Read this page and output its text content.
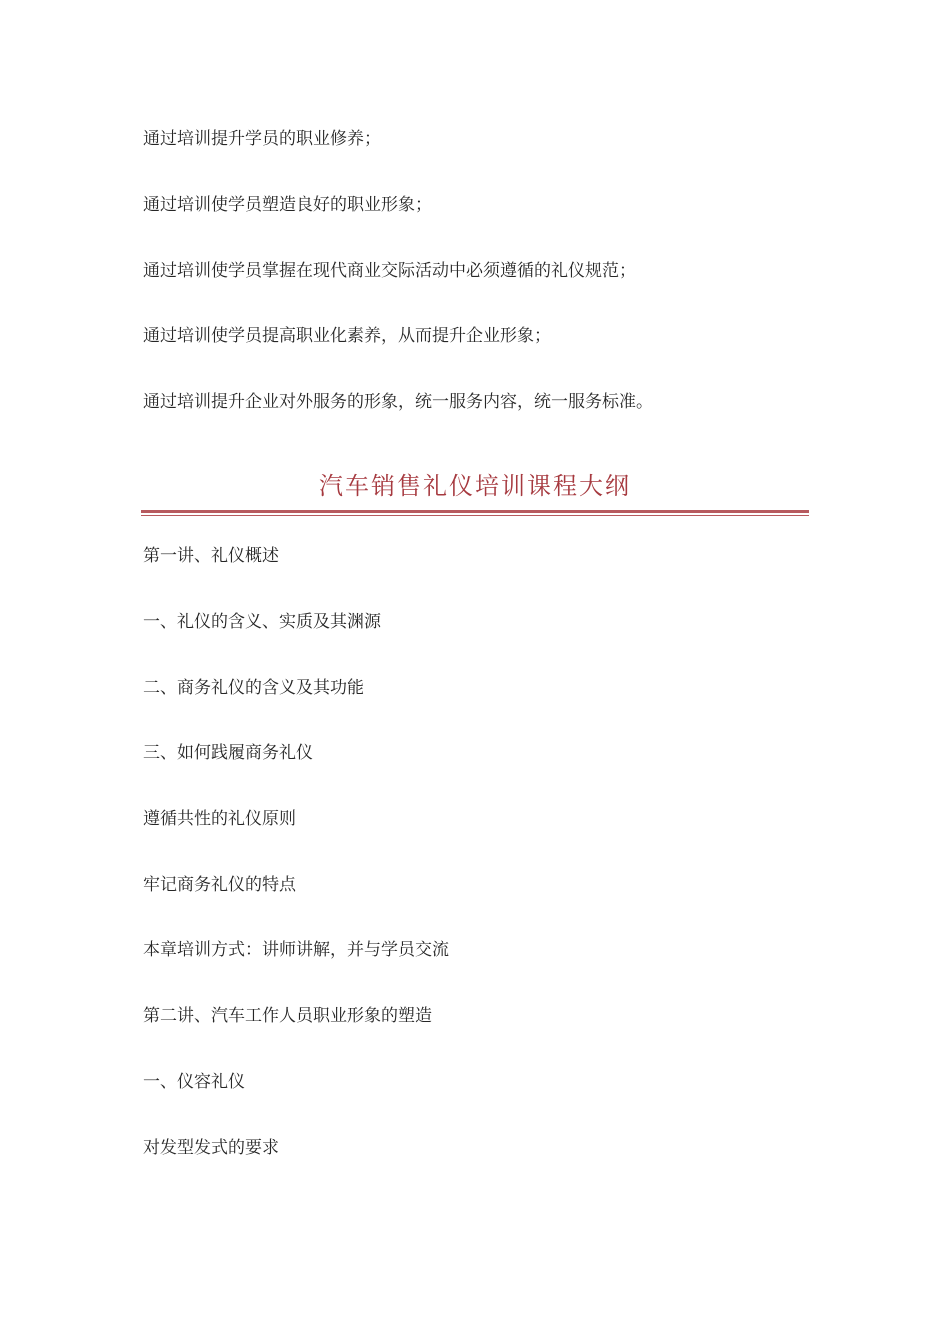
通过培训提升学员的职业修养；
通过培训使学员塑造良好的职业形象；
通过培训使学员掌握在现代商业交际活动中必须遵循的礼仪规范；
通过培训使学员提高职业化素养，从而提升企业形象；
通过培训提升企业对外服务的形象，统一服务内容，统一服务标准。
汽车销售礼仪培训课程大纲
第一讲、礼仪概述
一、礼仪的含义、实质及其渊源
二、商务礼仪的含义及其功能
三、如何践履商务礼仪
遵循共性的礼仪原则
牢记商务礼仪的特点
本章培训方式：讲师讲解，并与学员交流
第二讲、汽车工作人员职业形象的塑造
一、仪容礼仪
对发型发式的要求
